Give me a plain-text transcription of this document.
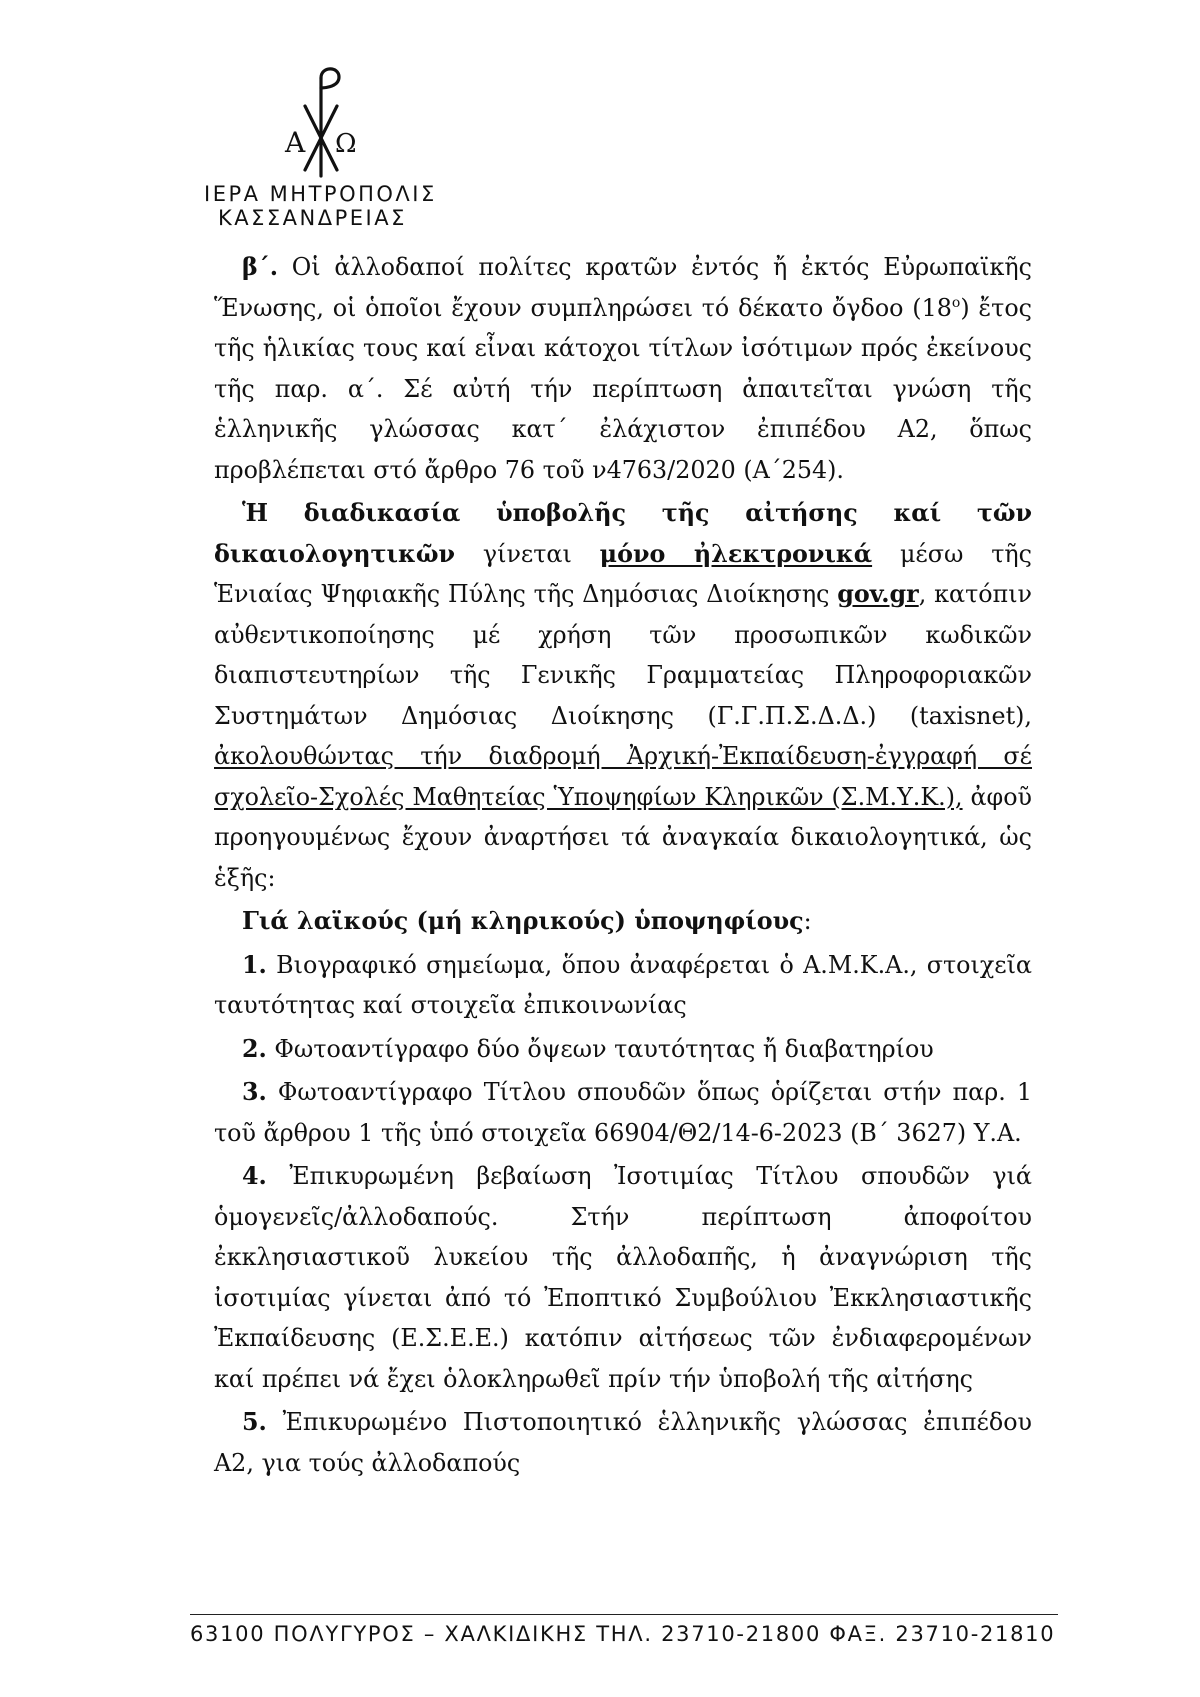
Α Ω
ΙΕΡΑ ΜΗΤΡΟΠΟΛΙΣ
ΚΑΣΣΑΝΔΡΕΙΑΣ

β΄. Οἱ ἀλλοδαποί πολίτες κρατῶν ἐντός ἤ ἐκτός Εὐρωπαϊκῆς Ἕνωσης, οἱ ὁποῖοι ἔχουν συμπληρώσει τό δέκατο ὄγδοο $(18^o)$ ἔτος τῆς ἡλικίας τους καί εἶναι κάτοχοι τίτλων ἰσότιμων πρός ἐκείνους τῆς παρ. α΄. Σέ αὐτή τήν περίπτωση ἀπαιτεῖται γνώση τῆς ἑλληνικῆς γλώσσας κατ΄ ἐλάχιστον ἐπιπέδου Α2, ὅπως προβλέπεται στό ἄρθρο 76 τοῦ ν4763/2020 (Α΄254).

Ἡ διαδικασία ὑποβολῆς τῆς αἰτήσης καί τῶν δικαιολογητικῶν γίνεται μόνο ἠλεκτρονικά μέσω τῆς Ἑνιαίας Ψηφιακῆς Πύλης τῆς Δημόσιας Διοίκησης gov.gr, κατόπιν αὐθεντικοποίησης μέ χρήση τῶν προσωπικῶν κωδικῶν διαπιστευτηρίων τῆς Γενικῆς Γραμματείας Πληροφοριακῶν Συστημάτων Δημόσιας Διοίκησης (Γ.Γ.Π.Σ.Δ.Δ.) (taxisnet), ἀκολουθώντας τήν διαδρομή Ἀρχική-Ἐκπαίδευση-ἐγγραφή σέ σχολεῖο-Σχολές Μαθητείας Ὑποψηφίων Κληρικῶν (Σ.Μ.Υ.Κ.), ἀφοῦ προηγουμένως ἔχουν ἀναρτήσει τά ἀναγκαία δικαιολογητικά, ὡς ἑξῆς:

Γιά λαϊκούς (μή κληρικούς) ὑποψηφίους:

1. Βιογραφικό σημείωμα, ὅπου ἀναφέρεται ὁ Α.Μ.Κ.Α., στοιχεῖα ταυτότητας καί στοιχεῖα ἐπικοινωνίας

2. Φωτοαντίγραφο δύο ὄψεων ταυτότητας ἤ διαβατηρίου

3. Φωτοαντίγραφο Τίτλου σπουδῶν ὅπως ὁρίζεται στήν παρ. 1 τοῦ ἄρθρου 1 τῆς ὑπό στοιχεῖα 66904/Θ2/14-6-2023 (Β΄ 3627) Υ.Α.

4. Ἐπικυρωμένη βεβαίωση Ἰσοτιμίας Τίτλου σπουδῶν γιά ὁμογενεῖς/ἀλλοδαπούς. Στήν περίπτωση ἀποφοίτου ἐκκλησιαστικοῦ λυκείου τῆς ἀλλοδαπῆς, ἡ ἀναγνώριση τῆς ἰσοτιμίας γίνεται ἀπό τό Ἐποπτικό Συμβούλιου Ἐκκλησιαστικῆς Ἐκπαίδευσης (Ε.Σ.Ε.Ε.) κατόπιν αἰτήσεως τῶν ἐνδιαφερομένων καί πρέπει νά ἔχει ὁλοκληρωθεῖ πρίν τήν ὑποβολή τῆς αἰτήσης

5. Ἐπικυρωμένο Πιστοποιητικό ἑλληνικῆς γλώσσας ἐπιπέδου Α2, για τούς ἀλλοδαπούς

63100 ΠΟΛΥΓΥΡΟΣ – ΧΑΛΚΙΔΙΚΗΣ ΤΗΛ. 23710-21800 ΦΑΞ. 23710-21810
